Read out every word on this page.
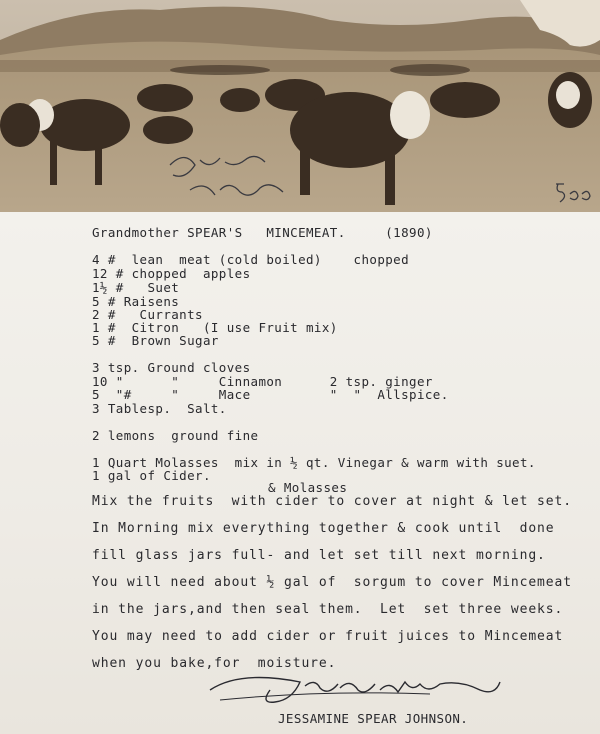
Grandmother SPEAR'S   MINCEMEAT.     (1890)
4 #  lean  meat (cold boiled)    chopped
12 # chopped  apples
1½ #   Suet
5 # Raisens
2 #   Currants
1 #  Citron   (I use Fruit mix)
5 #  Brown Sugar
3 tsp. Ground cloves
10 "      "     Cinnamon      2 tsp. ginger
5  "#     "     Mace          "  "  Allspice.
3 Tablesp.  Salt.
2 lemons  ground fine
1 Quart Molasses  mix in ½ qt. Vinegar & warm with suet.
1 gal of Cider.
& Molasses
Mix the fruits  with cider to cover at night & let set.
In Morning mix everything together & cook until  done
fill glass jars full- and let set till next morning.
You will need about ½ gal of  sorgum to cover Mincemeat
in the jars,and then seal them.  Let  set three weeks.
You may need to add cider or fruit juices to Mincemeat
when you bake,for  moisture.
JESSAMINE SPEAR JOHNSON.
